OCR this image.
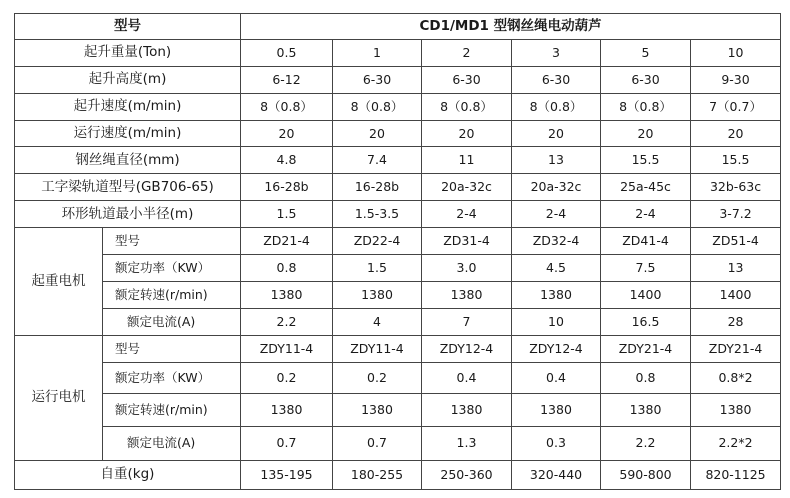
型号		CD1/MD1 型钢丝绳电动葫芦					
起升重量(Ton)		0.5	1	2	3	5	10
起升高度(m)		6-12	6-30	6-30	6-30	6-30	9-30
起升速度(m/min)		8（0.8）	8（0.8）	8（0.8）	8（0.8）	8（0.8）	7（0.7）
运行速度(m/min)		20	20	20	20	20	20
钢丝绳直径(mm)		4.8	7.4	11	13	15.5	15.5
工字梁轨道型号(GB706-65)		16-28b	16-28b	20a-32c	20a-32c	25a-45c	32b-63c
环形轨道最小半径(m)		1.5	1.5-3.5	2-4	2-4	2-4	3-7.2
起重电机	型号	ZD21-4	ZD22-4	ZD31-4	ZD32-4	ZD41-4	ZD51-4
	额定功率（KW）	0.8	1.5	3.0	4.5	7.5	13
	额定转速(r/min)	1380	1380	1380	1380	1400	1400
	额定电流(A)	2.2	4	7	10	16.5	28
运行电机	型号	ZDY11-4	ZDY11-4	ZDY12-4	ZDY12-4	ZDY21-4	ZDY21-4
	额定功率（KW）	0.2	0.2	0.4	0.4	0.8	0.8*2
	额定转速(r/min)	1380	1380	1380	1380	1380	1380
	额定电流(A)	0.7	0.7	1.3	0.3	2.2	2.2*2
自重(kg)		135-195	180-255	250-360	320-440	590-800	820-1125
